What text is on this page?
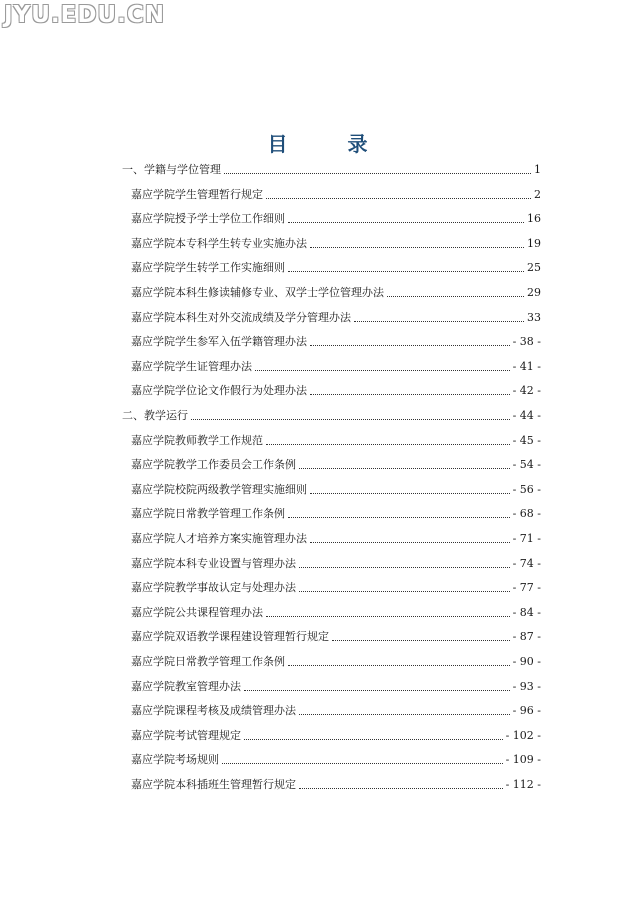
JYU.EDU.CN
目　录
一、学籍与学位管理	1
嘉应学院学生管理暂行规定	2
嘉应学院授予学士学位工作细则	16
嘉应学院本专科学生转专业实施办法	19
嘉应学院学生转学工作实施细则	25
嘉应学院本科生修读辅修专业、双学士学位管理办法	29
嘉应学院本科生对外交流成绩及学分管理办法	33
嘉应学院学生参军入伍学籍管理办法	- 38 -
嘉应学院学生证管理办法	- 41 -
嘉应学院学位论文作假行为处理办法	- 42 -
二、教学运行	- 44 -
嘉应学院教师教学工作规范	- 45 -
嘉应学院教学工作委员会工作条例	- 54 -
嘉应学院校院两级教学管理实施细则	- 56 -
嘉应学院日常教学管理工作条例	- 68 -
嘉应学院人才培养方案实施管理办法	- 71 -
嘉应学院本科专业设置与管理办法	- 74 -
嘉应学院教学事故认定与处理办法	- 77 -
嘉应学院公共课程管理办法	- 84 -
嘉应学院双语教学课程建设管理暂行规定	- 87 -
嘉应学院日常教学管理工作条例	- 90 -
嘉应学院教室管理办法	- 93 -
嘉应学院课程考核及成绩管理办法	- 96 -
嘉应学院考试管理规定	- 102 -
嘉应学院考场规则	- 109 -
嘉应学院本科插班生管理暂行规定	- 112 -
